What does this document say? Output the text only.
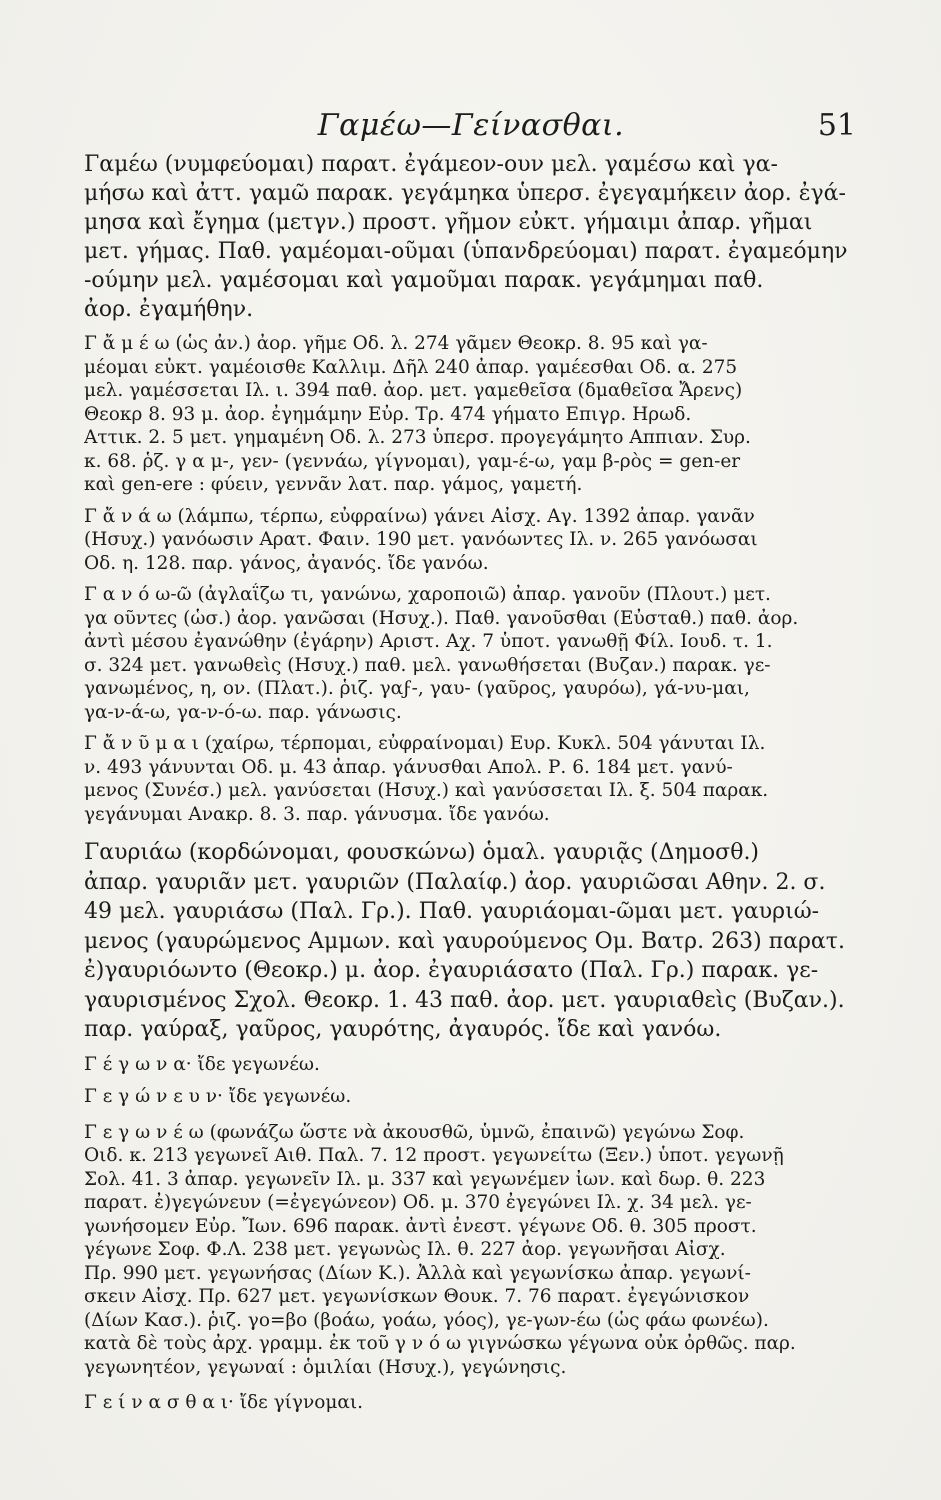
Γαμέω—Γείνασθαι.	51
Γαμέω (νυμφεύομαι) παρατ. ἐγάμεον-ουν μελ. γαμέσω καὶ γα-
μήσω καὶ ἀττ. γαμῶ παρακ. γεγάμηκα ὑπερσ. ἐγεγαμήκειν ἀορ. ἐγά-
μησα καὶ ἔγημα (μετγν.) προστ. γῆμον εὐκτ. γήμαιμι ἀπαρ. γῆμαι
μετ. γήμας. Παθ. γαμέομαι-οῦμαι (ὑπανδρεύομαι) παρατ. ἐγαμεόμην
-ούμην μελ. γαμέσομαι καὶ γαμοῦμαι παρακ. γεγάμημαι παθ.
ἀορ. ἐγαμήθην.
Γ ἄ μ έ ω (ὡς ἀν.) ἀορ. γῆμε Οδ. λ. 274 γᾶμεν Θεοκρ. 8. 95 καὶ γα-
μέομαι εὐκτ. γαμέοισθε Καλλιμ. Δῆλ 240 ἀπαρ. γαμέεσθαι Οδ. α. 275
μελ. γαμέσσεται Ιλ. ι. 394 παθ. ἀορ. μετ. γαμεθεῖσα (δμαθεῖσα Ἄρενς)
Θεοκρ 8. 93 μ. ἀορ. ἐγημάμην Εὐρ. Τρ. 474 γήματο Επιγρ. Ηρωδ.
Αττικ. 2. 5 μετ. γημαμένη Οδ. λ. 273 ὑπερσ. προγεγάμητο Αππιαν. Συρ.
κ. 68. ῥζ. γ α μ-, γεν- (γεννάω, γίγνομαι), γαμ-έ-ω, γαμ β-ρὸς = gen-er
καὶ gen-ere : φύειν, γεννᾶν λατ. παρ. γάμος, γαμετή.
Γ ἄ ν ά ω (λάμπω, τέρπω, εὐφραίνω) γάνει Αἰσχ. Αγ. 1392 ἀπαρ. γανᾶν
(Ησυχ.) γανόωσιν Αρατ. Φαιν. 190 μετ. γανόωντες Ιλ. ν. 265 γανόωσαι
Οδ. η. 128. παρ. γάνος, ἀγανός. ἴδε γανόω.
Γ α ν ό ω-ῶ (ἀγλαΐζω τι, γανώνω, χαροποιῶ) ἀπαρ. γανοῦν (Πλουτ.) μετ.
γα οῦντες (ὡσ.) ἀορ. γανῶσαι (Ησυχ.). Παθ. γανοῦσθαι (Εὐσταθ.) παθ. ἀορ.
ἀντὶ μέσου ἐγανώθην (ἐγάρην) Αριστ. Αχ. 7 ὑποτ. γανωθῇ Φίλ. Ιουδ. τ. 1.
σ. 324 μετ. γανωθεὶς (Ησυχ.) παθ. μελ. γανωθήσεται (Βυζαν.) παρακ. γε-
γανωμένος, η, ον. (Πλατ.). ῥιζ. γαϝ-, γαυ- (γαῦρος, γαυρόω), γά-νυ-μαι,
γα-ν-ά-ω, γα-ν-ό-ω. παρ. γάνωσις.
Γ ἄ ν ῦ μ α ι (χαίρω, τέρπομαι, εὐφραίνομαι) Ευρ. Κυκλ. 504 γάνυται Ιλ.
ν. 493 γάνυνται Οδ. μ. 43 ἀπαρ. γάνυσθαι Απολ. Ρ. 6. 184 μετ. γανύ-
μενος (Συνέσ.) μελ. γανύσεται (Ησυχ.) καὶ γανύσσεται Ιλ. ξ. 504 παρακ.
γεγάνυμαι Ανακρ. 8. 3. παρ. γάνυσμα. ἴδε γανόω.
Γαυριάω (κορδώνομαι, φουσκώνω) ὁμαλ. γαυριᾷς (Δημοσθ.)
ἀπαρ. γαυριᾶν μετ. γαυριῶν (Παλαίφ.) ἀορ. γαυριῶσαι Αθην. 2. σ.
49 μελ. γαυριάσω (Παλ. Γρ.). Παθ. γαυριάομαι-ῶμαι μετ. γαυριώ-
μενος (γαυρώμενος Αμμων. καὶ γαυρούμενος Ομ. Βατρ. 263) παρατ.
ἐ)γαυριόωντο (Θεοκρ.) μ. ἀορ. ἐγαυριάσατο (Παλ. Γρ.) παρακ. γε-
γαυρισμένος Σχολ. Θεοκρ. 1. 43 παθ. ἀορ. μετ. γαυριαθεὶς (Βυζαν.).
παρ. γαύραξ, γαῦρος, γαυρότης, ἀγαυρός. ἴδε καὶ γανόω.
Γ έ γ ω ν α· ἴδε γεγωνέω.
Γ ε γ ώ ν ε υ ν· ἴδε γεγωνέω.
Γ ε γ ω ν έ ω (φωνάζω ὥστε νὰ ἀκουσθῶ, ὑμνῶ, ἐπαινῶ) γεγώνω Σοφ.
Οιδ. κ. 213 γεγωνεῖ Αιθ. Παλ. 7. 12 προστ. γεγωνείτω (Ξεν.) ὑποτ. γεγωνῇ
Σολ. 41. 3 ἀπαρ. γεγωνεῖν Ιλ. μ. 337 καὶ γεγωνέμεν ἰων. καὶ δωρ. θ. 223
παρατ. ἐ)γεγώνευν (=ἐγεγώνεον) Οδ. μ. 370 ἐγεγώνει Ιλ. χ. 34 μελ. γε-
γωνήσομεν Εὐρ. Ἴων. 696 παρακ. ἀντὶ ἐνεστ. γέγωνε Οδ. θ. 305 προστ.
γέγωνε Σοφ. Φ.Λ. 238 μετ. γεγωνὼς Ιλ. θ. 227 ἀορ. γεγωνῆσαι Αἰσχ.
Πρ. 990 μετ. γεγωνήσας (Δίων Κ.). Ἀλλὰ καὶ γεγωνίσκω ἀπαρ. γεγωνί-
σκειν Αἰσχ. Πρ. 627 μετ. γεγωνίσκων Θουκ. 7. 76 παρατ. ἐγεγώνισκον
(Δίων Κασ.). ῥιζ. γο=βο (βοάω, γοάω, γόος), γε-γων-έω (ὡς φάω φωνέω).
κατὰ δὲ τοὺς ἀρχ. γραμμ. ἐκ τοῦ γ ν ό ω γιγνώσκω γέγωνα οὐκ ὀρθῶς. παρ.
γεγωνητέον, γεγωναί : ὁμιλίαι (Ησυχ.), γεγώνησις.
Γ ε ί ν α σ θ α ι· ἴδε γίγνομαι.
